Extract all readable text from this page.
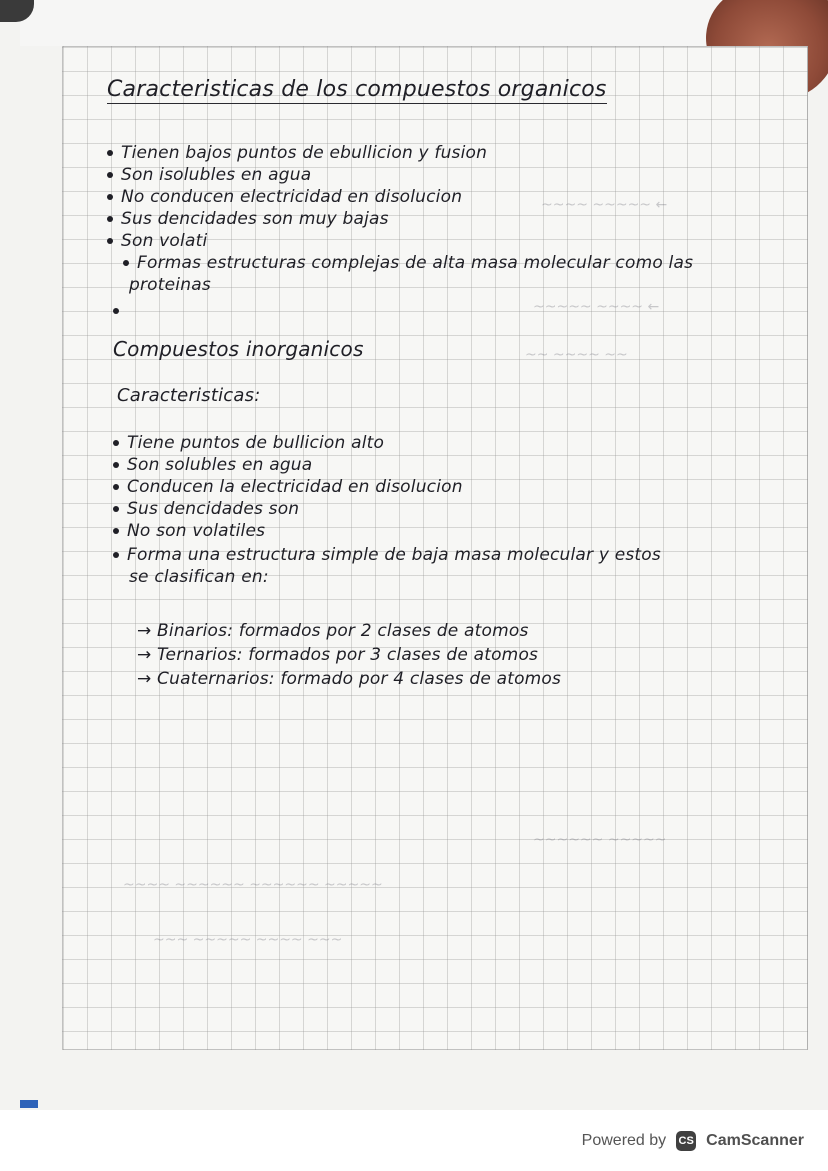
~~~~ ~~~~~ ←
~~~~~ ~~~~ ←
~~ ~~~~ ~~
~~~~~~ ~~~~~
~~~~ ~~~~~~ ~~~~~~ ~~~~~
~~~ ~~~~~ ~~~~ ~~~
Caracteristicas de los compuestos organicos
Tienen bajos puntos de ebullicion y fusion
Son isolubles en agua
No conducen electricidad en disolucion
Sus dencidades son muy bajas
Son volati
Formas estructuras complejas de alta masa molecular como las
proteinas
Compuestos inorganicos
Caracteristicas:
Tiene puntos de bullicion alto
Son solubles en agua
Conducen la electricidad en disolucion
Sus dencidades son
No son volatiles
Forma una estructura simple de baja masa molecular y estos
se clasifican en:
→ Binarios: formados por 2 clases de atomos
→ Ternarios: formados por 3 clases de atomos
→ Cuaternarios: formado por 4 clases de atomos
Powered by CS CamScanner
